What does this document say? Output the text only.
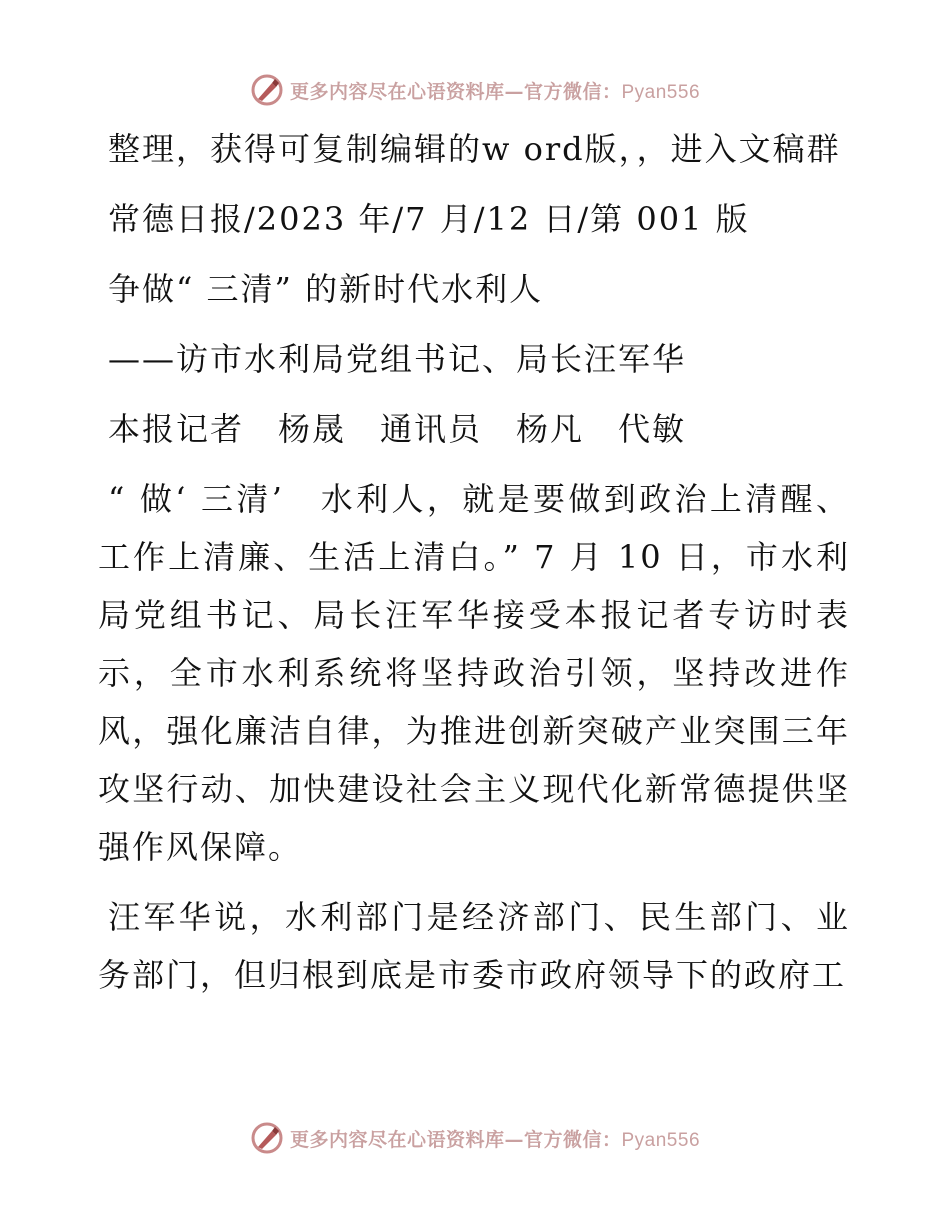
更多内容尽在心语资料库—官方微信：Pyan556

整理，获得可复制编辑的w ord版，，进入文稿群

常德日报/2023 年/7 月/12 日/第 001 版

争做“ 三清” 的新时代水利人

——访市水利局党组书记、局长汪军华

本报记者　杨晟　通讯员　杨凡　代敏

“ 做‘ 三清’　水利人，就是要做到政治上清醒、工作上清廉、生活上清白。” 7 月 10 日，市水利局党组书记、局长汪军华接受本报记者专访时表示，全市水利系统将坚持政治引领，坚持改进作风，强化廉洁自律，为推进创新突破产业突围三年攻坚行动、加快建设社会主义现代化新常德提供坚强作风保障。

汪军华说，水利部门是经济部门、民生部门、业务部门，但归根到底是市委市政府领导下的政府工

更多内容尽在心语资料库—官方微信：Pyan556
